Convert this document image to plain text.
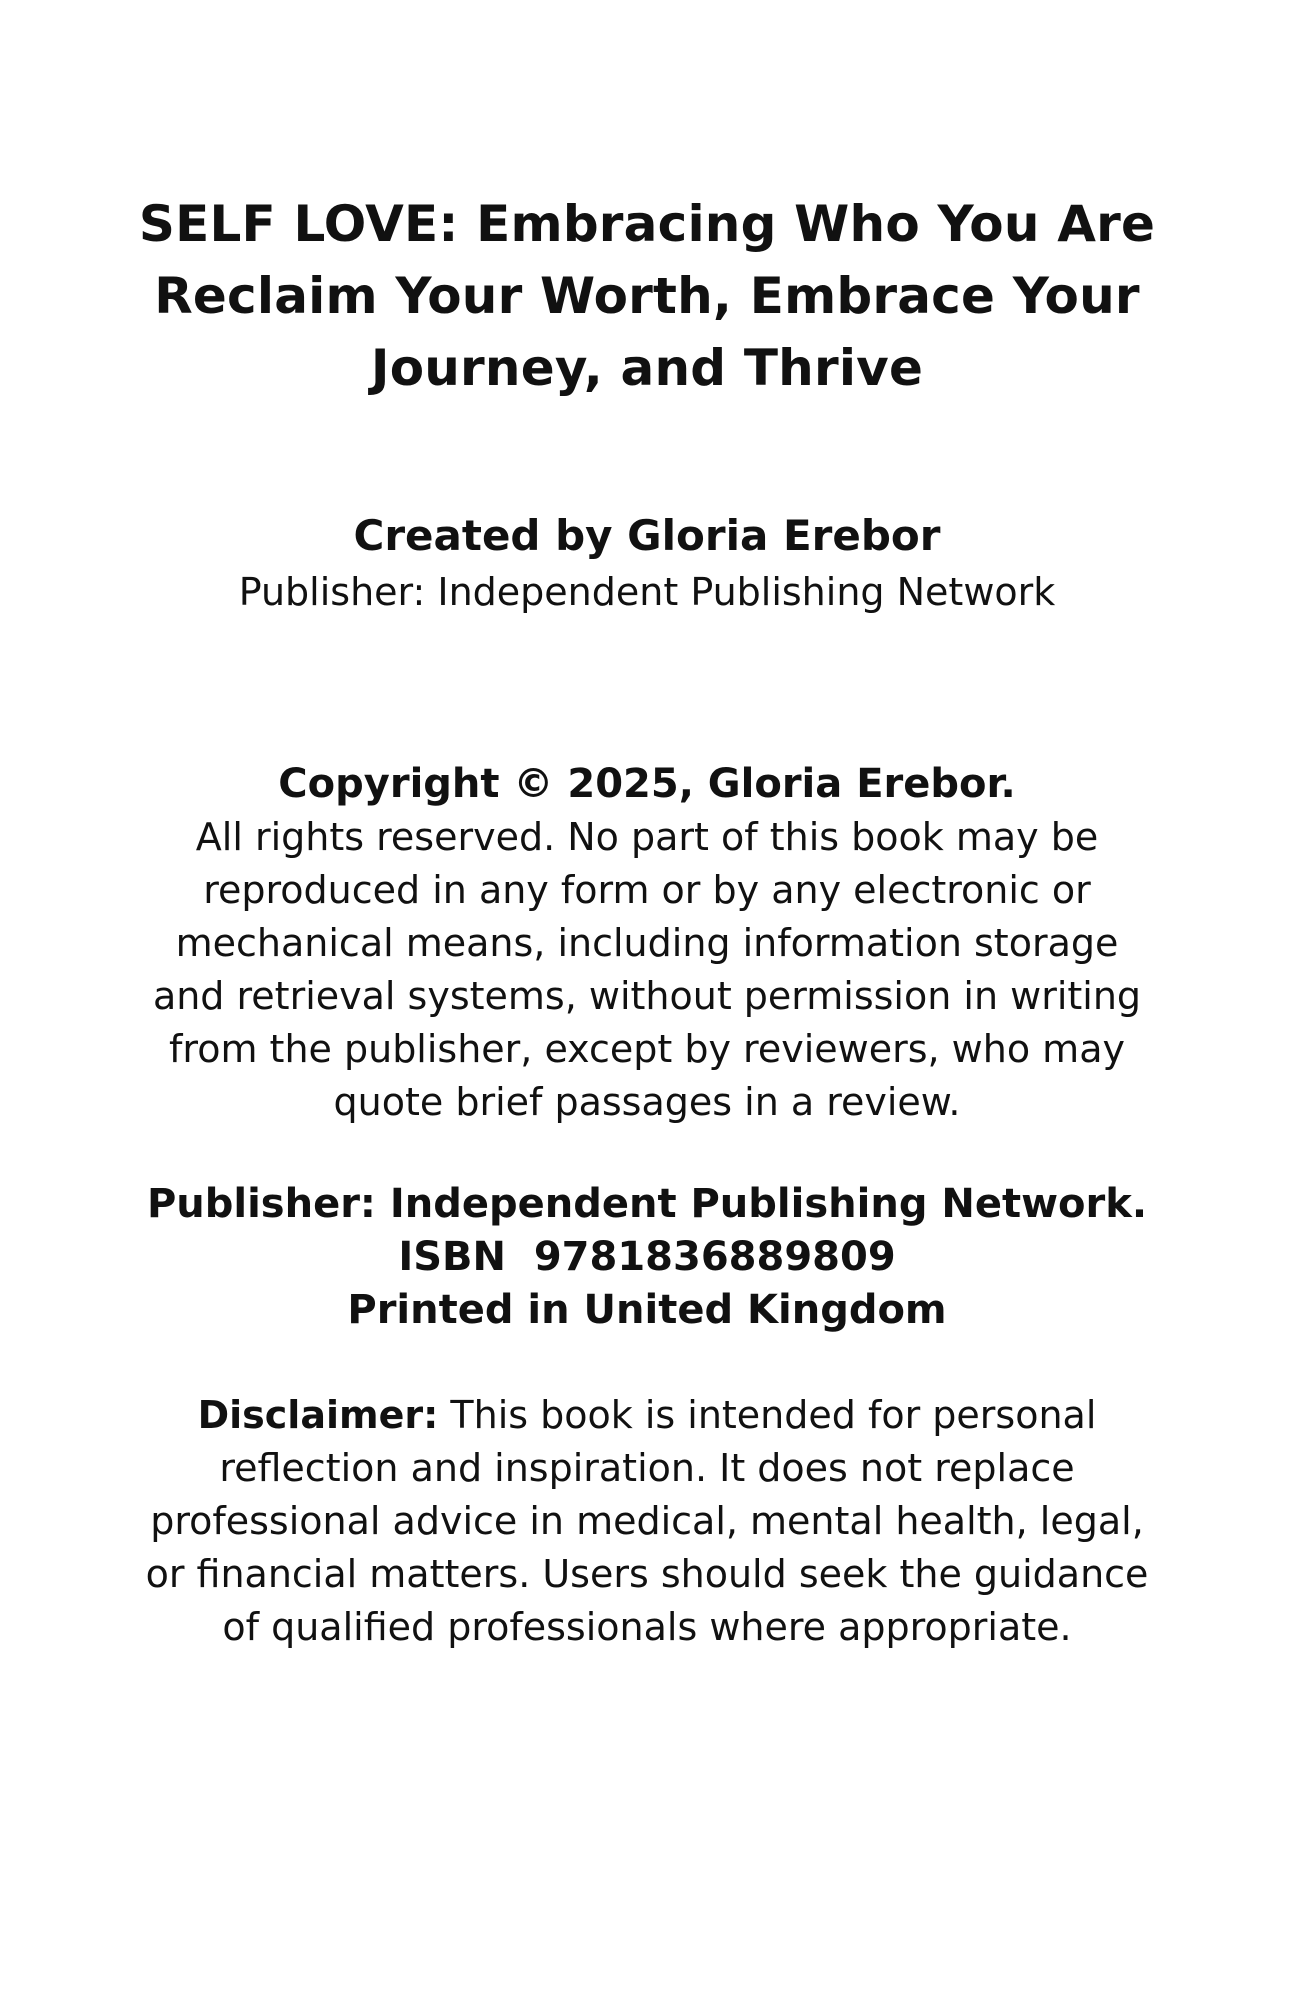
SELF LOVE: Embracing Who You Are
Reclaim Your Worth, Embrace Your
Journey, and Thrive
Created by Gloria Erebor
Publisher: Independent Publishing Network
Copyright © 2025, Gloria Erebor.
All rights reserved. No part of this book may be
reproduced in any form or by any electronic or
mechanical means, including information storage
and retrieval systems, without permission in writing
from the publisher, except by reviewers, who may
quote brief passages in a review.
Publisher: Independent Publishing Network.
ISBN  9781836889809
Printed in United Kingdom
Disclaimer: This book is intended for personal
reflection and inspiration. It does not replace
professional advice in medical, mental health, legal,
or financial matters. Users should seek the guidance
of qualified professionals where appropriate.
